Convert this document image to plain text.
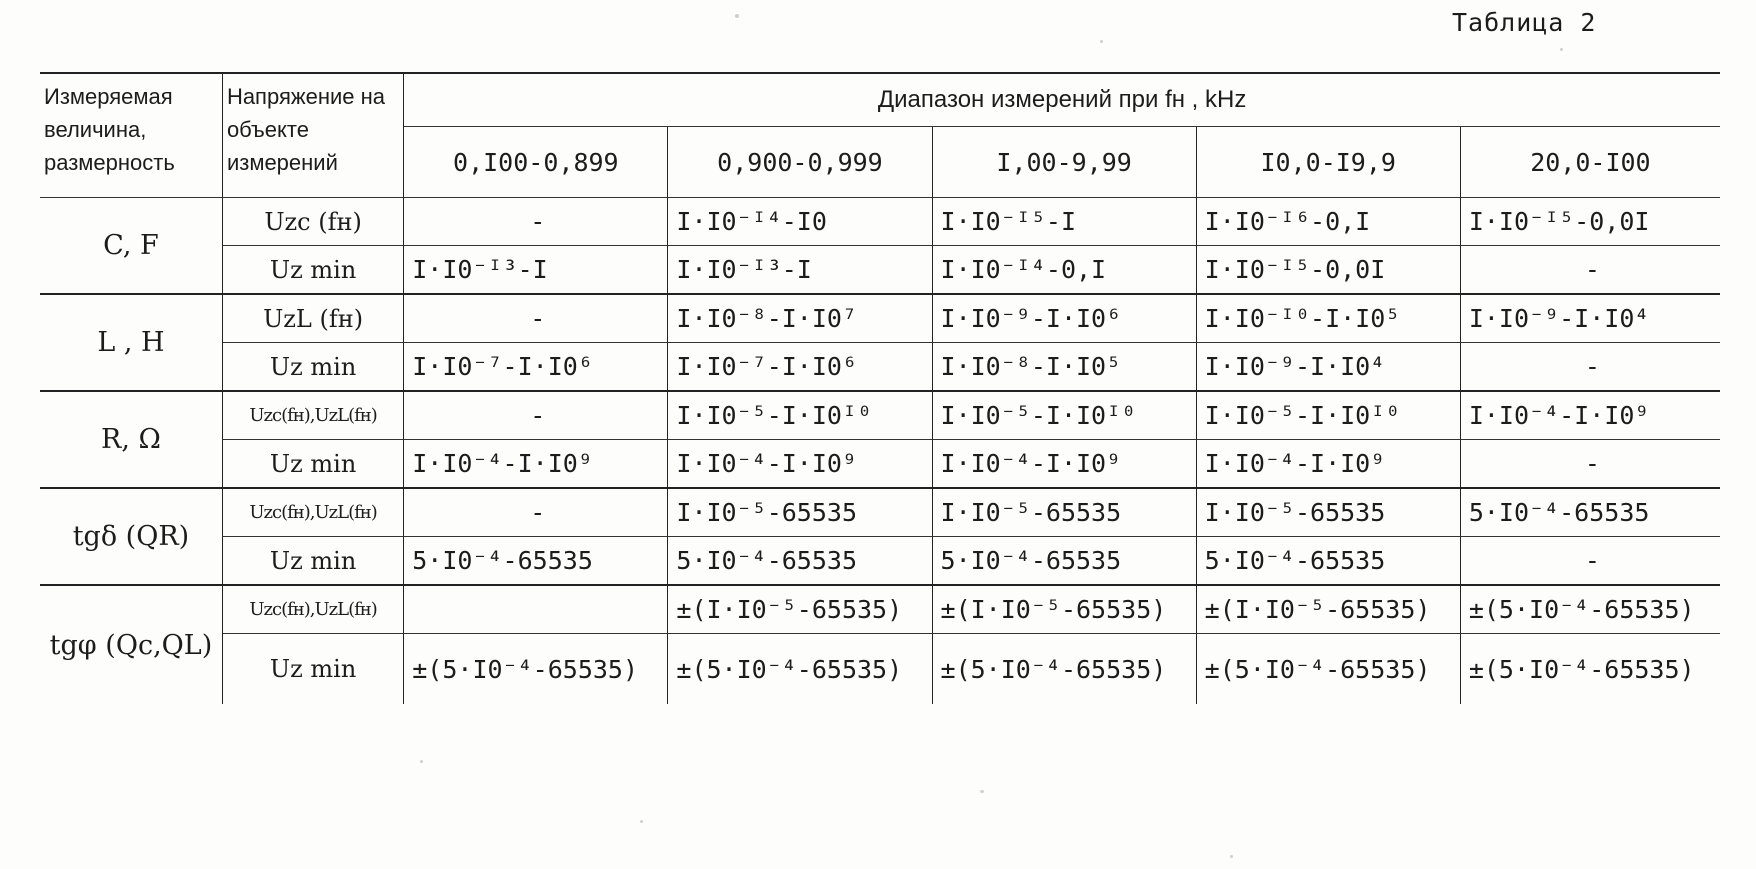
Таблица 2
Измеряемая величина, размерность	Напряжение на объекте измерений	Диапазон измерений при fн , kHz				
		0,I00-0,899	0,900-0,999	I,00-9,99	I0,0-I9,9	20,0-I00
C, F	Uzc (fн)	-	I·I0⁻ᴵ⁴-I0	I·I0⁻ᴵ⁵-I	I·I0⁻ᴵ⁶-0,I	I·I0⁻ᴵ⁵-0,0I
	Uz min	I·I0⁻ᴵ³-I	I·I0⁻ᴵ³-I	I·I0⁻ᴵ⁴-0,I	I·I0⁻ᴵ⁵-0,0I	-
L , H	UzL (fн)	-	I·I0⁻⁸-I·I0⁷	I·I0⁻⁹-I·I0⁶	I·I0⁻ᴵ⁰-I·I0⁵	I·I0⁻⁹-I·I0⁴
	Uz min	I·I0⁻⁷-I·I0⁶	I·I0⁻⁷-I·I0⁶	I·I0⁻⁸-I·I0⁵	I·I0⁻⁹-I·I0⁴	-
R, Ω	Uzc(fн),UzL(fн)	-	I·I0⁻⁵-I·I0ᴵ⁰	I·I0⁻⁵-I·I0ᴵ⁰	I·I0⁻⁵-I·I0ᴵ⁰	I·I0⁻⁴-I·I0⁹
	Uz min	I·I0⁻⁴-I·I0⁹	I·I0⁻⁴-I·I0⁹	I·I0⁻⁴-I·I0⁹	I·I0⁻⁴-I·I0⁹	-
tgδ (QR)	Uzc(fн),UzL(fн)	-	I·I0⁻⁵-65535	I·I0⁻⁵-65535	I·I0⁻⁵-65535	5·I0⁻⁴-65535
	Uz min	5·I0⁻⁴-65535	5·I0⁻⁴-65535	5·I0⁻⁴-65535	5·I0⁻⁴-65535	-
tgφ (Qc,QL)	Uzc(fн),UzL(fн)		±(I·I0⁻⁵-65535)	±(I·I0⁻⁵-65535)	±(I·I0⁻⁵-65535)	±(5·I0⁻⁴-65535)
	Uz min	±(5·I0⁻⁴-65535)	±(5·I0⁻⁴-65535)	±(5·I0⁻⁴-65535)	±(5·I0⁻⁴-65535)	±(5·I0⁻⁴-65535)
